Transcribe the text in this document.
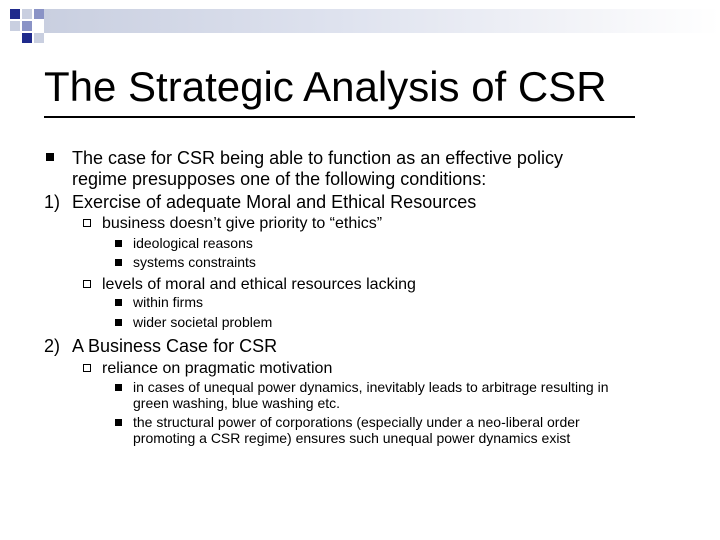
The Strategic Analysis of CSR
The case for CSR being able to function as an effective policy
regime presupposes one of the following conditions:
1) Exercise of adequate Moral and Ethical Resources
business doesn’t give priority to “ethics”
ideological reasons
systems constraints
levels of moral and ethical resources lacking
within firms
wider societal problem
2) A Business Case for CSR
reliance on pragmatic motivation
in cases of unequal power dynamics, inevitably leads to arbitrage resulting in
green washing, blue washing etc.
the structural power of corporations (especially under a neo-liberal order
promoting a CSR regime) ensures such unequal power dynamics exist
